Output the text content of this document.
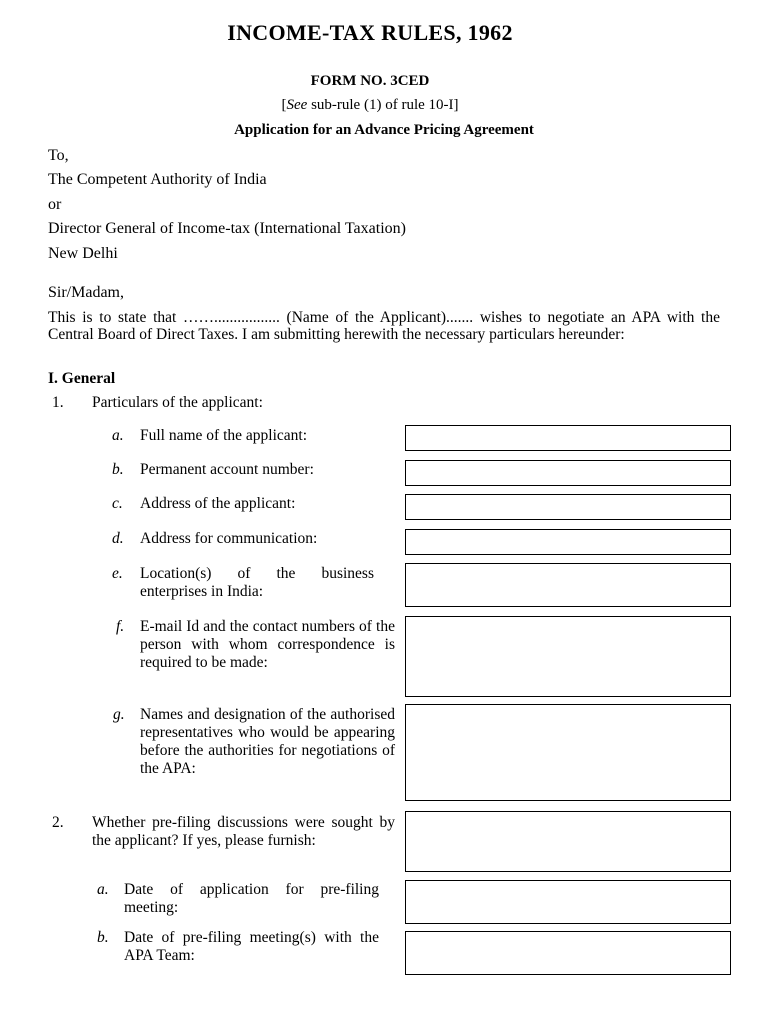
INCOME-TAX RULES, 1962
FORM NO. 3CED
[See sub-rule (1) of rule 10-I]
Application for an Advance Pricing Agreement
To,
The Competent Authority of India
or
Director General of Income-tax (International Taxation)
New Delhi
Sir/Madam,
This is to state that ……................. (Name of the Applicant)....... wishes to negotiate an APA with the Central Board of Direct Taxes. I am submitting herewith the necessary particulars hereunder:
I. General
1. Particulars of the applicant:
a. Full name of the applicant:
b. Permanent account number:
c. Address of the applicant:
d. Address for communication:
e. Location(s) of the business enterprises in India:
f. E-mail Id and the contact numbers of the person with whom correspondence is required to be made:
g. Names and designation of the authorised representatives who would be appearing before the authorities for negotiations of the APA:
2. Whether pre-filing discussions were sought by the applicant? If yes, please furnish:
a. Date of application for pre-filing meeting:
b. Date of pre-filing meeting(s) with the APA Team:
